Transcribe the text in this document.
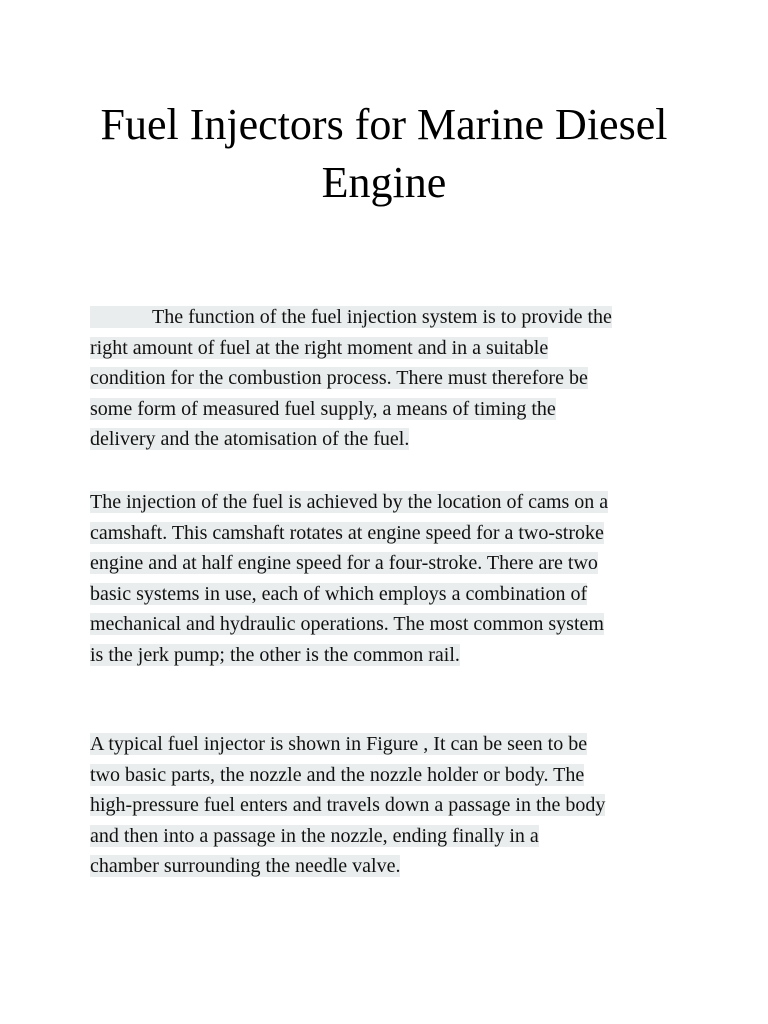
Fuel Injectors for Marine Diesel
Engine

The function of the fuel injection system is to provide the
right amount of fuel at the right moment and in a suitable
condition for the combustion process. There must therefore be
some form of measured fuel supply, a means of timing the
delivery and the atomisation of the fuel.

The injection of the fuel is achieved by the location of cams on a
camshaft. This camshaft rotates at engine speed for a two-stroke
engine and at half engine speed for a four-stroke. There are two
basic systems in use, each of which employs a combination of
mechanical and hydraulic operations. The most common system
is the jerk pump; the other is the common rail.

A typical fuel injector is shown in Figure , It can be seen to be
two basic parts, the nozzle and the nozzle holder or body. The
high-pressure fuel enters and travels down a passage in the body
and then into a passage in the nozzle, ending finally in a
chamber surrounding the needle valve.
